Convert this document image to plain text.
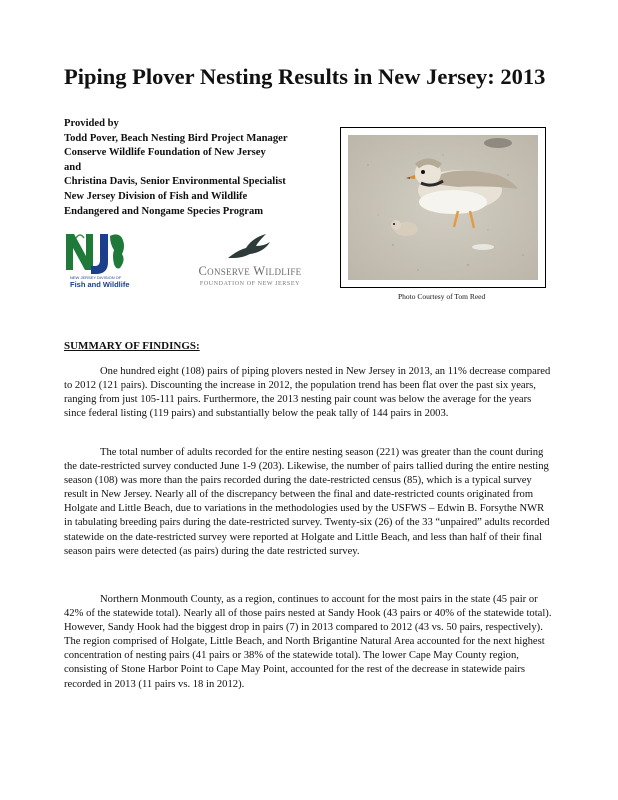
Piping Plover Nesting Results in New Jersey: 2013
Provided by
Todd Pover, Beach Nesting Bird Project Manager
Conserve Wildlife Foundation of New Jersey
and
Christina Davis, Senior Environmental Specialist
New Jersey Division of Fish and Wildlife
Endangered and Nongame Species Program
NEW JERSEY DIVISION OF
Fish and Wildlife
Conserve Wildlife
FOUNDATION OF NEW JERSEY
Photo Courtesy of Tom Reed
SUMMARY OF FINDINGS:

One hundred eight (108) pairs of piping plovers nested in New Jersey in 2013, an 11% decrease compared to 2012 (121 pairs). Discounting the increase in 2012, the population trend has been flat over the past six years, ranging from just 105-111 pairs. Furthermore, the 2013 nesting pair count was below the average for the years since federal listing (119 pairs) and substantially below the peak tally of 144 pairs in 2003.

The total number of adults recorded for the entire nesting season (221) was greater than the count during the date-restricted survey conducted June 1-9 (203). Likewise, the number of pairs tallied during the entire nesting season (108) was more than the pairs recorded during the date-restricted census (85), which is a typical survey result in New Jersey. Nearly all of the discrepancy between the final and date-restricted counts originated from Holgate and Little Beach, due to variations in the methodologies used by the USFWS – Edwin B. Forsythe NWR in tabulating breeding pairs during the date-restricted survey. Twenty-six (26) of the 33 “unpaired” adults recorded statewide on the date-restricted survey were reported at Holgate and Little Beach, and less than half of their final season pairs were detected (as pairs) during the date restricted survey.

Northern Monmouth County, as a region, continues to account for the most pairs in the state (45 pair or 42% of the statewide total). Nearly all of those pairs nested at Sandy Hook (43 pairs or 40% of the statewide total). However, Sandy Hook had the biggest drop in pairs (7) in 2013 compared to 2012 (43 vs. 50 pairs, respectively). The region comprised of Holgate, Little Beach, and North Brigantine Natural Area accounted for the next highest concentration of nesting pairs (41 pairs or 38% of the statewide total). The lower Cape May County region, consisting of Stone Harbor Point to Cape May Point, accounted for the rest of the decrease in statewide pairs recorded in 2013 (11 pairs vs. 18 in 2012).
